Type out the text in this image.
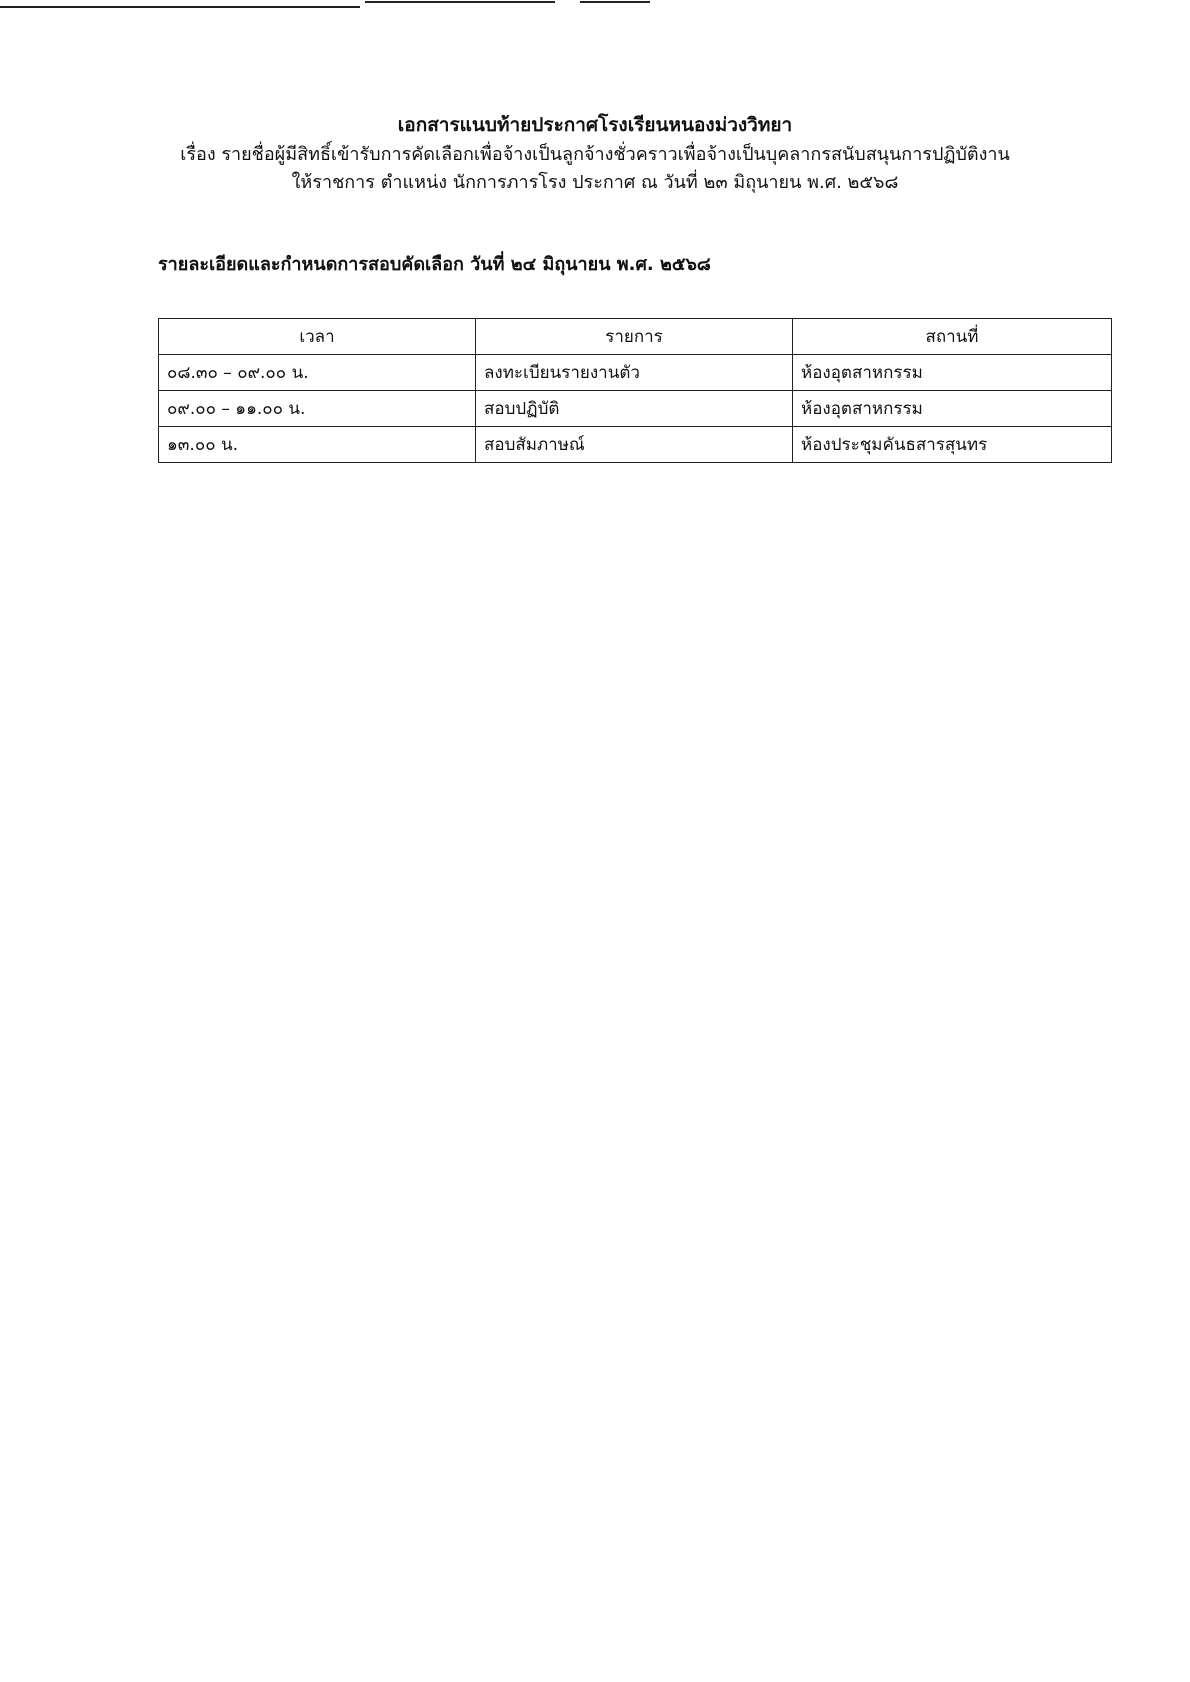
เอกสารแนบท้ายประกาศโรงเรียนหนองม่วงวิทยา

เรื่อง รายชื่อผู้มีสิทธิ์เข้ารับการคัดเลือกเพื่อจ้างเป็นลูกจ้างชั่วคราวเพื่อจ้างเป็นบุคลากรสนับสนุนการปฏิบัติงาน

ให้ราชการ ตำแหน่ง นักการภารโรง ประกาศ ณ วันที่ ๒๓ มิถุนายน พ.ศ. ๒๕๖๘

รายละเอียดและกำหนดการสอบคัดเลือก วันที่ ๒๔ มิถุนายน พ.ศ. ๒๕๖๘

เวลา	รายการ	สถานที่
๐๘.๓๐ – ๐๙.๐๐ น.	ลงทะเบียนรายงานตัว	ห้องอุตสาหกรรม
๐๙.๐๐ – ๑๑.๐๐ น.	สอบปฏิบัติ	ห้องอุตสาหกรรม
๑๓.๐๐ น.	สอบสัมภาษณ์	ห้องประชุมคันธสารสุนทร
